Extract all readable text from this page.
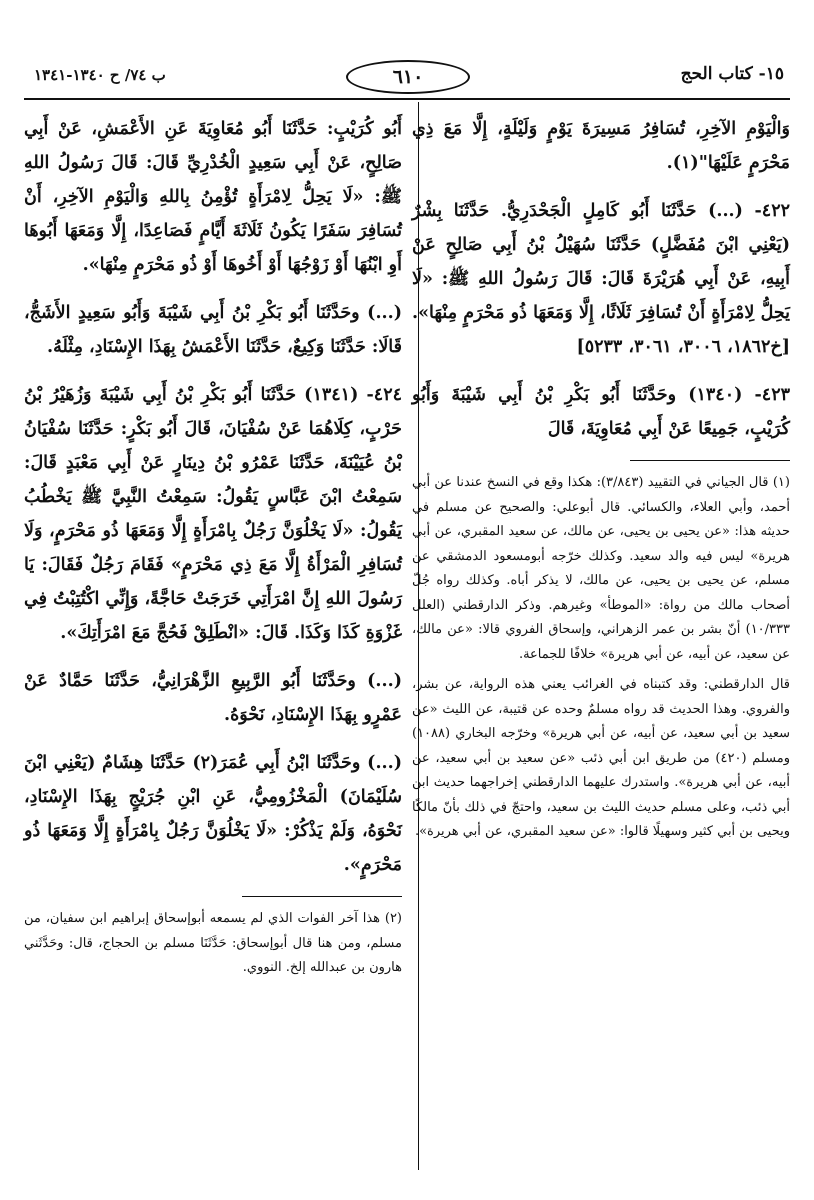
١٥- كتاب الحج
٦١٠
ب ٧٤/ ح ١٣٤٠-١٣٤١

وَالْيَوْمِ الآخِرِ، تُسَافِرُ مَسِيرَةَ يَوْمٍ وَلَيْلَةٍ، إِلَّا مَعَ ذِي مَحْرَمٍ عَلَيْهَا"(١).

٤٢٢- (...) حَدَّثَنَا أَبُو كَامِلٍ الْجَحْدَرِيُّ. حَدَّثَنَا بِشْرٌ (يَعْنِي ابْنَ مُفَضَّلٍ) حَدَّثَنَا سُهَيْلُ بْنُ أَبِي صَالِحٍ عَنْ أَبِيهِ، عَنْ أَبِي هُرَيْرَةَ قَالَ: قَالَ رَسُولُ اللهِ ﷺ: «لَا يَحِلُّ لِامْرَأَةٍ أَنْ تُسَافِرَ ثَلَاثًا، إِلَّا وَمَعَهَا ذُو مَحْرَمٍ مِنْهَا». [خ١٨٦٢، ٣٠٠٦، ٣٠٦١، ٥٢٣٣]

٤٢٣- (١٣٤٠) وحَدَّثَنَا أَبُو بَكْرِ بْنُ أَبِي شَيْبَةَ وَأَبُو كُرَيْبٍ، جَمِيعًا عَنْ أَبِي مُعَاوِيَةَ، قَالَ

(١) قال الجياني في التقييد (٣/٨٤٣): هكذا وقع في النسخ عندنا عن أبي أحمد، وأبي العلاء، والكسائي. قال أبوعلي: والصحيح عن مسلم في حديثه هذا: «عن يحيى بن يحيى، عن مالك، عن سعيد المقبري، عن أبي هريرة» ليس فيه والد سعيد. وكذلك خرّجه أبومسعود الدمشقي عن مسلم، عن يحيى بن يحيى، عن مالك، لا يذكر أباه. وكذلك رواه جُلّ أصحاب مالك من رواة: «الموطأ» وغيرهم. وذكر الدارقطني (العلل ١٠/٣٣٣) أنّ بشر بن عمر الزهراني، وإسحاق الفروي قالا: «عن مالك، عن سعيد، عن أبيه، عن أبي هريرة» خلافًا للجماعة.

قال الدارقطني: وقد كتبناه في الغرائب يعني هذه الرواية، عن بشر، والفروي. وهذا الحديث قد رواه مسلمٌ وحده عن قتيبة، عن الليث «عن سعيد بن أبي سعيد، عن أبيه، عن أبي هريرة» وخرّجه البخاري (١٠٨٨) ومسلم (٤٢٠) من طريق ابن أبي ذئب «عن سعيد بن أبي سعيد، عن أبيه، عن أبي هريرة». واستدرك عليهما الدارقطني إخراجهما حديث ابن أبي ذئب، وعلى مسلم حديث الليث بن سعيد، واحتجّ في ذلك بأنّ مالكًا ويحيى بن أبي كثير وسهيلًا قالوا: «عن سعيد المقبري، عن أبي هريرة».

أَبُو كُرَيْبٍ: حَدَّثَنَا أَبُو مُعَاوِيَةَ عَنِ الأَعْمَشِ، عَنْ أَبِي صَالِحٍ، عَنْ أَبِي سَعِيدٍ الْخُدْرِيِّ قَالَ: قَالَ رَسُولُ اللهِ ﷺ: «لَا يَحِلُّ لِامْرَأَةٍ تُؤْمِنُ بِاللهِ وَالْيَوْمِ الآخِرِ، أَنْ تُسَافِرَ سَفَرًا يَكُونُ ثَلَاثَةَ أَيَّامٍ فَصَاعِدًا، إِلَّا وَمَعَهَا أَبُوهَا أَوِ ابْنُهَا أَوْ زَوْجُهَا أَوْ أَخُوهَا أَوْ ذُو مَحْرَمٍ مِنْهَا».

(...) وحَدَّثَنَا أَبُو بَكْرِ بْنُ أَبِي شَيْبَةَ وَأَبُو سَعِيدٍ الأَشَجُّ، قَالَا: حَدَّثَنَا وَكِيعٌ، حَدَّثَنَا الأَعْمَشُ بِهَذَا الإِسْنَادِ، مِثْلَهُ.

٤٢٤- (١٣٤١) حَدَّثَنَا أَبُو بَكْرِ بْنُ أَبِي شَيْبَةَ وَزُهَيْرُ بْنُ حَرْبٍ، كِلَاهُمَا عَنْ سُفْيَانَ، قَالَ أَبُو بَكْرٍ: حَدَّثَنَا سُفْيَانُ بْنُ عُيَيْنَةَ، حَدَّثَنَا عَمْرُو بْنُ دِينَارٍ عَنْ أَبِي مَعْبَدٍ قَالَ: سَمِعْتُ ابْنَ عَبَّاسٍ يَقُولُ: سَمِعْتُ النَّبِيَّ ﷺ يَخْطُبُ يَقُولُ: «لَا يَخْلُوَنَّ رَجُلٌ بِامْرَأَةٍ إِلَّا وَمَعَهَا ذُو مَحْرَمٍ، وَلَا تُسَافِرِ الْمَرْأَةُ إِلَّا مَعَ ذِي مَحْرَمٍ» فَقَامَ رَجُلٌ فَقَالَ: يَا رَسُولَ اللهِ إِنَّ امْرَأَتِي خَرَجَتْ حَاجَّةً، وَإِنِّي اكْتُتِبْتُ فِي غَزْوَةِ كَذَا وَكَذَا. قَالَ: «انْطَلِقْ فَحُجَّ مَعَ امْرَأَتِكَ».

(...) وحَدَّثَنَا أَبُو الرَّبِيعِ الزَّهْرَانِيُّ، حَدَّثَنَا حَمَّادٌ عَنْ عَمْرٍو بِهَذَا الإِسْنَادِ، نَحْوَهُ.

(...) وحَدَّثَنَا ابْنُ أَبِي عُمَرَ(٢) حَدَّثَنَا هِشَامٌ (يَعْنِي ابْنَ سُلَيْمَانَ) الْمَخْزُومِيُّ، عَنِ ابْنِ جُرَيْجٍ بِهَذَا الإِسْنَادِ، نَحْوَهُ، وَلَمْ يَذْكُرْ: «لَا يَخْلُوَنَّ رَجُلٌ بِامْرَأَةٍ إِلَّا وَمَعَهَا ذُو مَحْرَمٍ».

(٢) هذا آخر الفوات الذي لم يسمعه أبوإسحاق إبراهيم ابن سفيان، من مسلم، ومن هنا قال أبوإسحاق: حَدَّثَنَا مسلم بن الحجاج، قال: وحَدَّثَني هارون بن عبدالله إلخ. النووي.
